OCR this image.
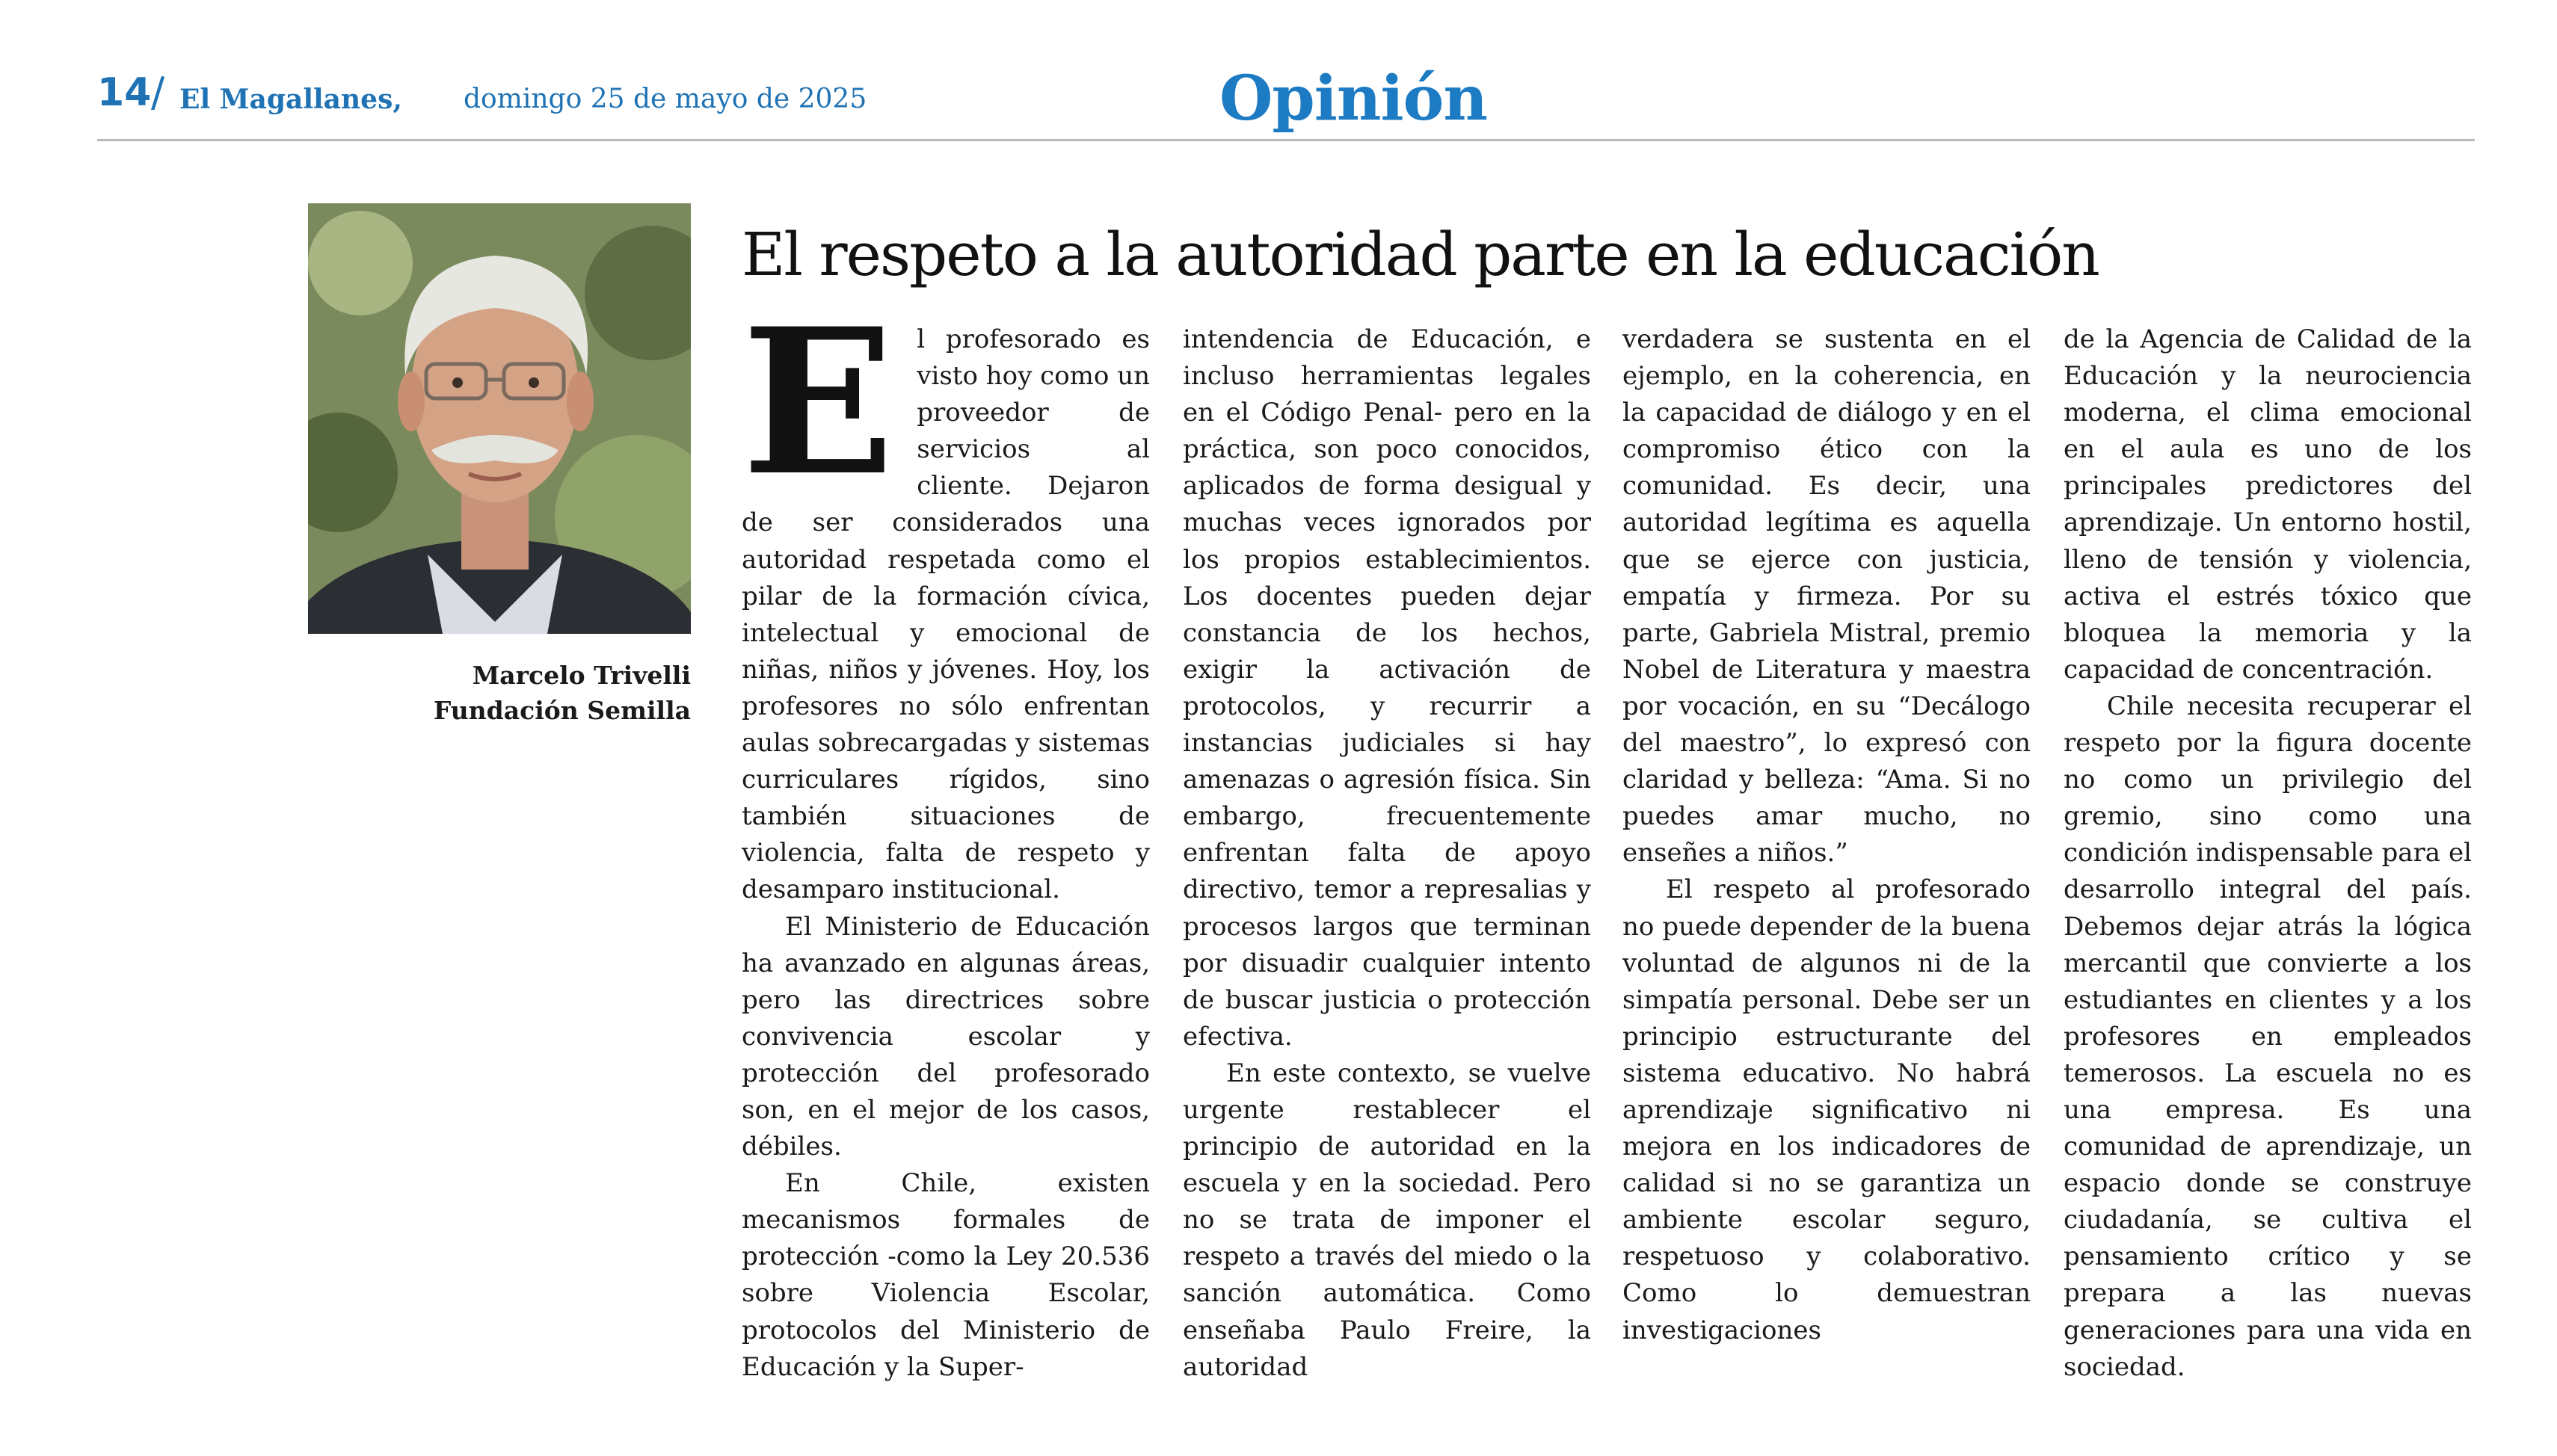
14 / El Magallanes, domingo 25 de mayo de 2025	Opinión
Marcelo Trivelli
Fundación Semilla
El respeto a la autoridad parte en la educación
E l profesorado es visto hoy como un proveedor de servicios al cliente. Dejaron de ser considerados una autoridad respetada como el pilar de la formación cívica, intelectual y emocional de niñas, niños y jóvenes. Hoy, los profesores no sólo enfrentan aulas sobrecargadas y sistemas curriculares rígidos, sino también situaciones de violencia, falta de respeto y desamparo institucional.

El Ministerio de Educación ha avanzado en algunas áreas, pero las directrices sobre convivencia escolar y protección del profesorado son, en el mejor de los casos, débiles.

En Chile, existen mecanismos formales de protección -como la Ley 20.536 sobre Violencia Escolar, protocolos del Ministerio de Educación y la Super-

intendencia de Educación, e incluso herramientas legales en el Código Penal- pero en la práctica, son poco conocidos, aplicados de forma desigual y muchas veces ignorados por los propios establecimientos. Los docentes pueden dejar constancia de los hechos, exigir la activación de protocolos, y recurrir a instancias judiciales si hay amenazas o agresión física. Sin embargo, frecuentemente enfrentan falta de apoyo directivo, temor a represalias y procesos largos que terminan por disuadir cualquier intento de buscar justicia o protección efectiva.

En este contexto, se vuelve urgente restablecer el principio de autoridad en la escuela y en la sociedad. Pero no se trata de imponer el respeto a través del miedo o la sanción automática. Como enseñaba Paulo Freire, la autoridad

verdadera se sustenta en el ejemplo, en la coherencia, en la capacidad de diálogo y en el compromiso ético con la comunidad. Es decir, una autoridad legítima es aquella que se ejerce con justicia, empatía y firmeza. Por su parte, Gabriela Mistral, premio Nobel de Literatura y maestra por vocación, en su “Decálogo del maestro”, lo expresó con claridad y belleza: “Ama. Si no puedes amar mucho, no enseñes a niños.”

El respeto al profesorado no puede depender de la buena voluntad de algunos ni de la simpatía personal. Debe ser un principio estructurante del sistema educativo. No habrá aprendizaje significativo ni mejora en los indicadores de calidad si no se garantiza un ambiente escolar seguro, respetuoso y colaborativo. Como lo demuestran investigaciones

de la Agencia de Calidad de la Educación y la neurociencia moderna, el clima emocional en el aula es uno de los principales predictores del aprendizaje. Un entorno hostil, lleno de tensión y violencia, activa el estrés tóxico que bloquea la memoria y la capacidad de concentración.

Chile necesita recuperar el respeto por la figura docente no como un privilegio del gremio, sino como una condición indispensable para el desarrollo integral del país. Debemos dejar atrás la lógica mercantil que convierte a los estudiantes en clientes y a los profesores en empleados temerosos. La escuela no es una empresa. Es una comunidad de aprendizaje, un espacio donde se construye ciudadanía, se cultiva el pensamiento crítico y se prepara a las nuevas generaciones para una vida en sociedad.
